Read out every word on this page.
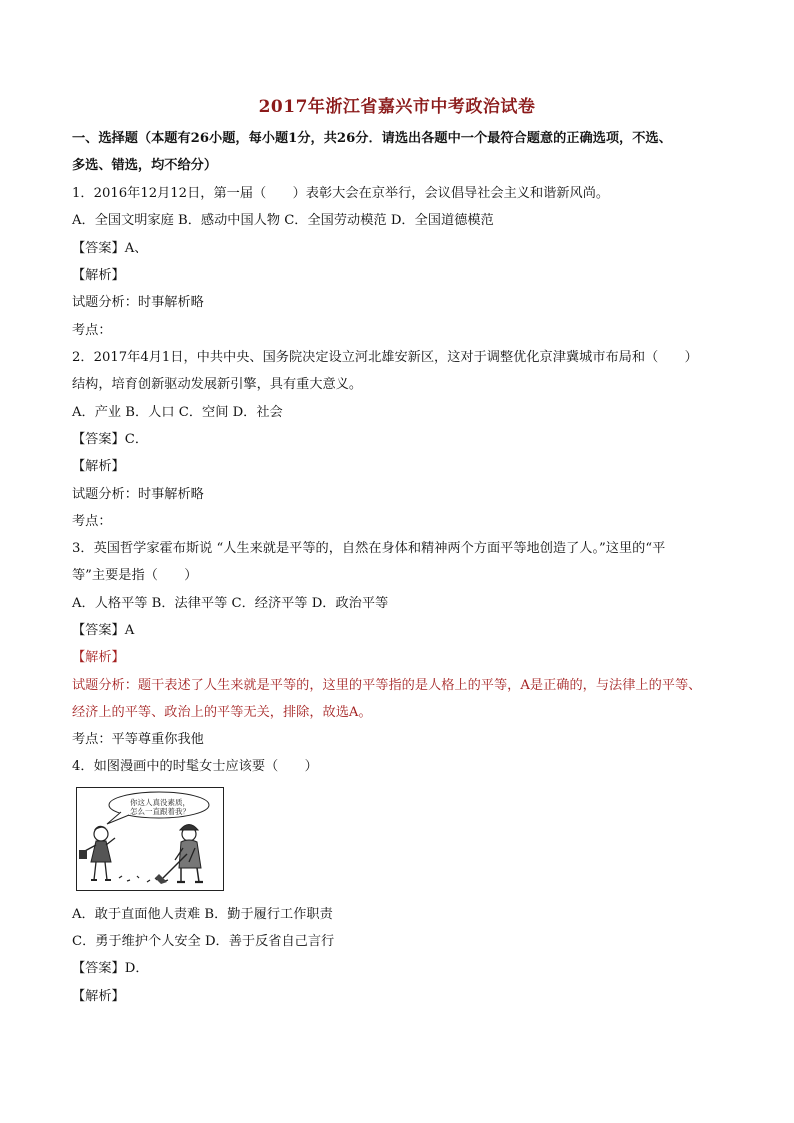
2017年浙江省嘉兴市中考政治试卷
一、选择题（本题有26小题，每小题1分，共26分．请选出各题中一个最符合题意的正确选项，不选、
多选、错选，均不给分）
1．2016年12月12日，第一届（　　）表彰大会在京举行，会议倡导社会主义和谐新风尚。
A．全国文明家庭 B．感动中国人物 C．全国劳动模范 D．全国道德模范
【答案】A、
【解析】
试题分析：时事解析略
考点：
2．2017年4月1日，中共中央、国务院决定设立河北雄安新区，这对于调整优化京津冀城市布局和（　　）
结构，培育创新驱动发展新引擎，具有重大意义。
A．产业 B．人口 C．空间 D．社会
【答案】C．
【解析】
试题分析：时事解析略
考点：
3．英国哲学家霍布斯说 “人生来就是平等的，自然在身体和精神两个方面平等地创造了人。”这里的“平
等”主要是指（　　）
A．人格平等 B．法律平等 C．经济平等 D．政治平等
【答案】A
【解析】
试题分析：题干表述了人生来就是平等的，这里的平等指的是人格上的平等，A是正确的，与法律上的平等、
经济上的平等、政治上的平等无关，排除，故选A。
考点：平等尊重你我他
4．如图漫画中的时髦女士应该要（　　）
你这人真没素质，
怎么一直跟着我？
A．敢于直面他人责难 B．勤于履行工作职责
C．勇于维护个人安全 D．善于反省自己言行
【答案】D．
【解析】
